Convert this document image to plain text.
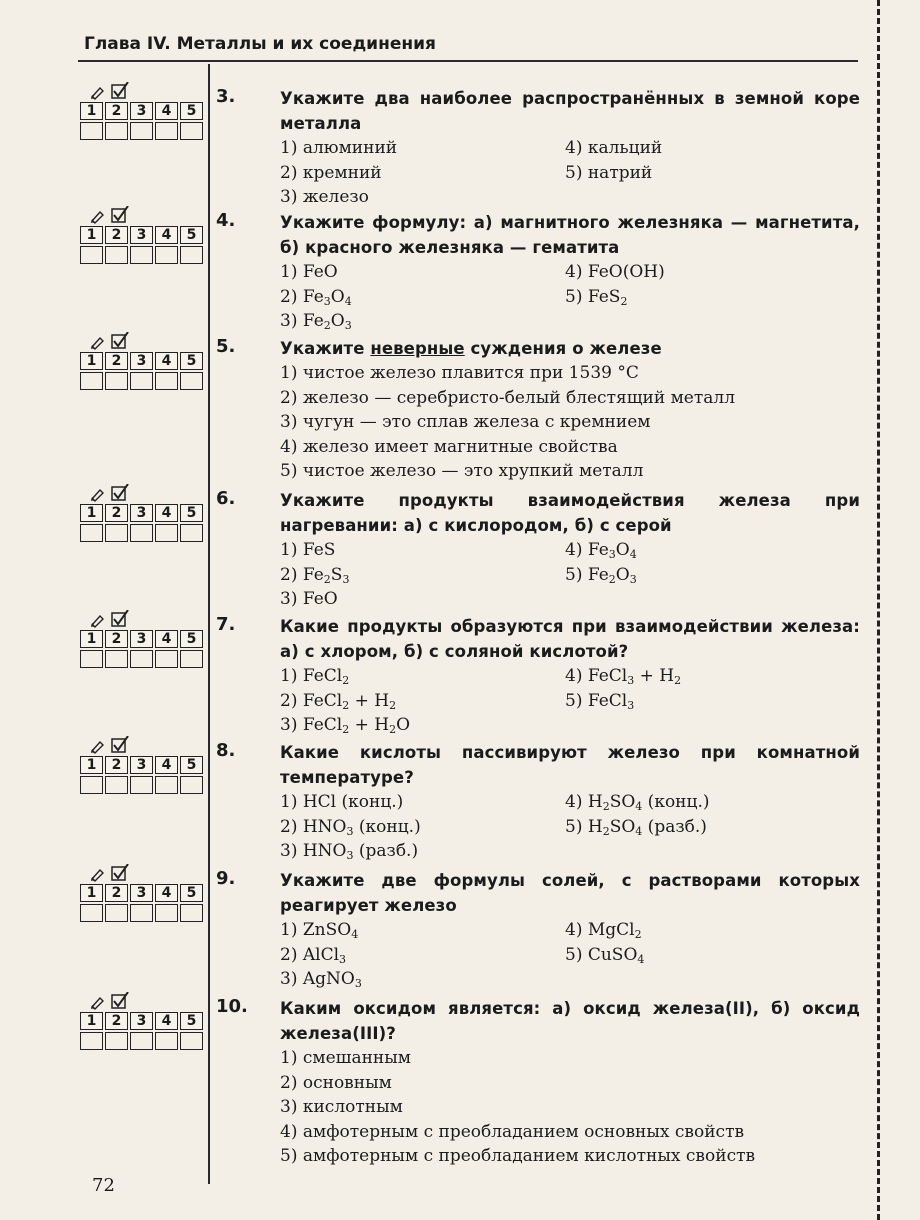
Глава IV. Металлы и их соединения
1	2	3	4	5
3.	Укажите два наиболее распространённых в земной коре металла

1) алюминий	4) кальций
2) кремний	5) натрий
3) железо
1	2	3	4	5
4.	Укажите формулу: а) магнитного железняка — магнетита, б) красного железняка — гематита

1) FeO	4) FeO(OH)
2) $Fe_3O_4$	5) FeS$_2$
3) $Fe_2O_3$
1	2	3	4	5
5.	Укажите неверные суждения о железе

1) чистое железо плавится при 1539 °C
2) железо — серебристо-белый блестящий металл
3) чугун — это сплав железа с кремнием
4) железо имеет магнитные свойства
5) чистое железо — это хрупкий металл
1	2	3	4	5
6.	Укажите продукты взаимодействия железа при нагревании: а) с кислородом, б) с серой

1) FeS	4) $Fe_3O_4$
2) $Fe_2S_3$	5) $Fe_2O_3$
3) FeO
1	2	3	4	5
7.	Какие продукты образуются при взаимодействии железа: а) с хлором, б) с соляной кислотой?

1) FeCl$_2$	4) FeCl$_3$ + $H_2$
2) FeCl$_2$ + $H_2$	5) FeCl$_3$
3) FeCl$_2$ + $H_2O$
1	2	3	4	5
8.	Какие кислоты пассивируют железо при комнатной температуре?

1) HCl (конц.)	4) $H_2SO_4$ (конц.)
2) $HNO_3$ (конц.)	5) $H_2SO_4$ (разб.)
3) $HNO_3$ (разб.)
1	2	3	4	5
9.	Укажите две формулы солей, с растворами которых реагирует железо

1) ZnSO$_4$	4) MgCl$_2$
2) AlCl$_3$	5) CuSO$_4$
3) AgNO$_3$
1	2	3	4	5
10. Каким оксидом является: а) оксид железа(II), б) оксид железа(III)?

1) смешанным
2) основным
3) кислотным
4) амфотерным с преобладанием основных свойств
5) амфотерным с преобладанием кислотных свойств
72
